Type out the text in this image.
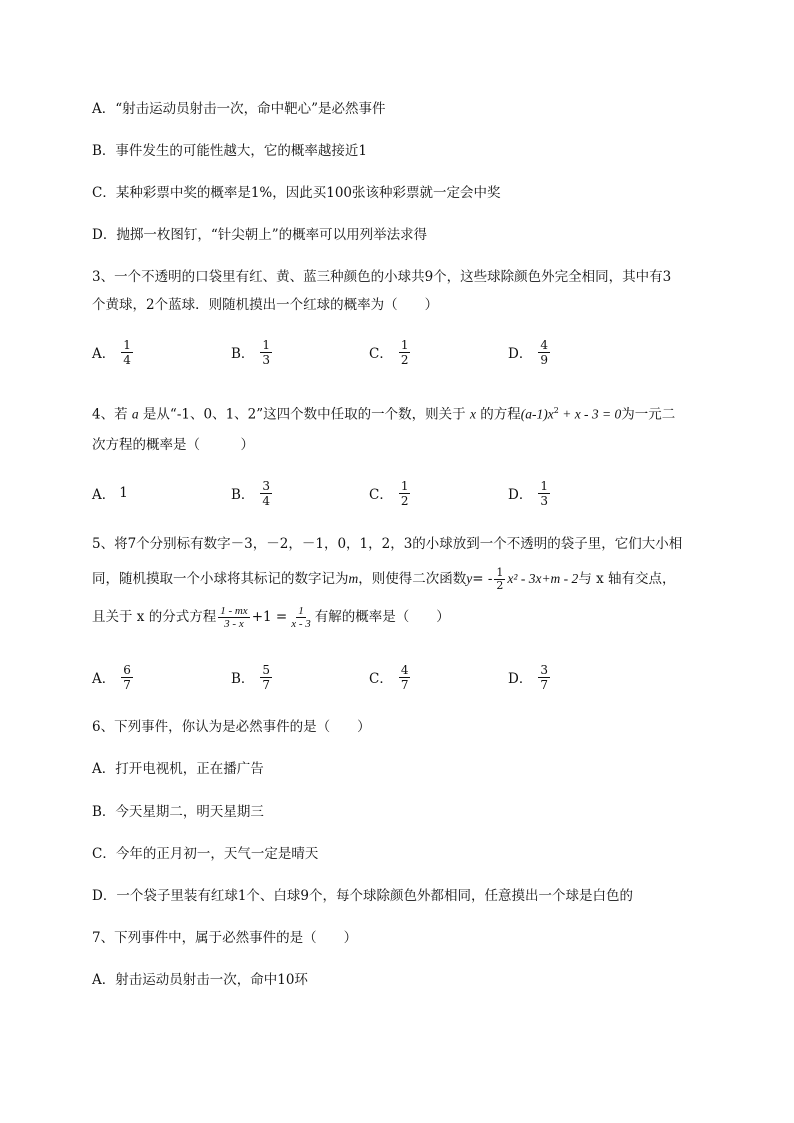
A．“射击运动员射击一次，命中靶心”是必然事件
B．事件发生的可能性越大，它的概率越接近1
C．某种彩票中奖的概率是1%，因此买100张该种彩票就一定会中奖
D．抛掷一枚图钉，“针尖朝上”的概率可以用列举法求得
3、一个不透明的口袋里有红、黄、蓝三种颜色的小球共9个，这些球除颜色外完全相同，其中有3
个黄球，2个蓝球．则随机摸出一个红球的概率为（　　）
A． $\frac{1}{4}$	B． $\frac{1}{3}$	C． $\frac{1}{2}$	D． $\frac{4}{9}$
4、若 a 是从“-1、0、1、2”这四个数中任取的一个数，则关于 x 的方程$(a-1)x^2 + x - 3 = 0$为一元二
次方程的概率是（　　　）
A． 1	B． $\frac{3}{4}$	C． $\frac{1}{2}$	D． $\frac{1}{3}$
5、将7个分别标有数字－3，－2，－1，0，1，2，3的小球放到一个不透明的袋子里，它们大小相
同，随机摸取一个小球将其标记的数字记为 m ，则使得二次函数 y = - $\frac{1}{2} x^2 - 3x+m - 2$ 与 x 轴有交点，
且关于 x 的分式方程 $\frac{1 - mx}{3 - x} +1 = \frac{1}{x - 3}$ 有解的概率是（　　）
A． $\frac{6}{7}$	B． $\frac{5}{7}$	C． $\frac{4}{7}$	D． $\frac{3}{7}$
6、下列事件，你认为是必然事件的是（　　）
A．打开电视机，正在播广告
B．今天星期二，明天星期三
C．今年的正月初一，天气一定是晴天
D．一个袋子里装有红球1个、白球9个，每个球除颜色外都相同，任意摸出一个球是白色的
7、下列事件中，属于必然事件的是（　　）
A．射击运动员射击一次，命中10环
